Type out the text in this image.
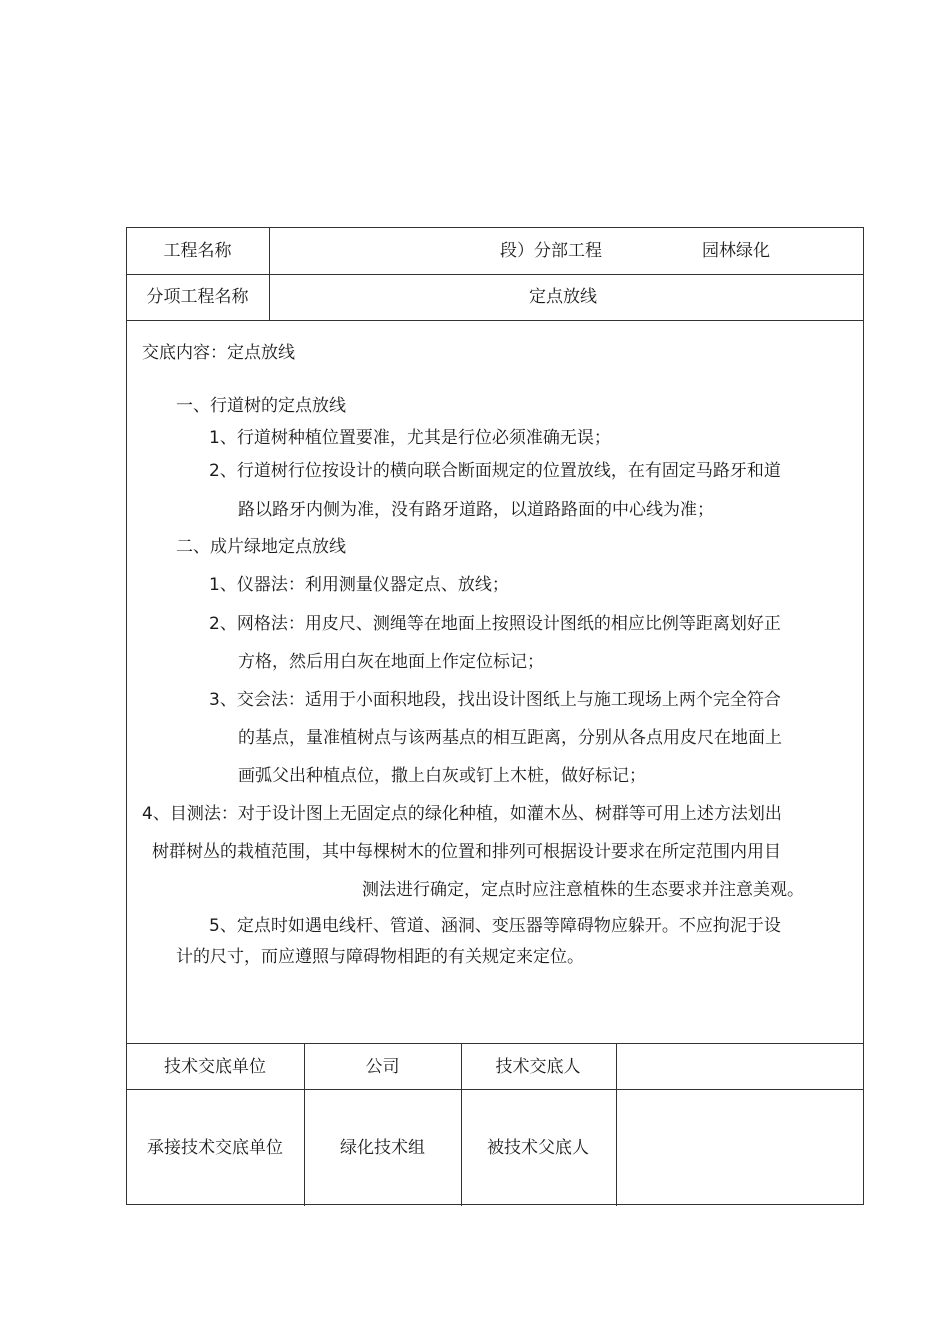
工程名称	段）分部工程	园林绿化
分项工程名称	定点放线
交底内容：定点放线
一、行道树的定点放线
1、行道树种植位置要准，尤其是行位必须准确无误；
2、行道树行位按设计的横向联合断面规定的位置放线，在有固定马路牙和道
路以路牙内侧为准，没有路牙道路，以道路路面的中心线为准；
二、成片绿地定点放线
1、仪器法：利用测量仪器定点、放线；
2、网格法：用皮尺、测绳等在地面上按照设计图纸的相应比例等距离划好正
方格，然后用白灰在地面上作定位标记；
3、交会法：适用于小面积地段，找出设计图纸上与施工现场上两个完全符合
的基点，量准植树点与该两基点的相互距离，分别从各点用皮尺在地面上
画弧父出种植点位，撒上白灰或钉上木桩，做好标记；
4、目测法：对于设计图上无固定点的绿化种植，如灌木丛、树群等可用上述方法划出
树群树丛的栽植范围，其中每棵树木的位置和排列可根据设计要求在所定范围内用目
测法进行确定，定点时应注意植株的生态要求并注意美观。
5、定点时如遇电线杆、管道、涵洞、变压器等障碍物应躲开。不应拘泥于设
计的尺寸，而应遵照与障碍物相距的有关规定来定位。
技术交底单位	公司	技术交底人
承接技术交底单位	绿化技术组	被技术父底人
